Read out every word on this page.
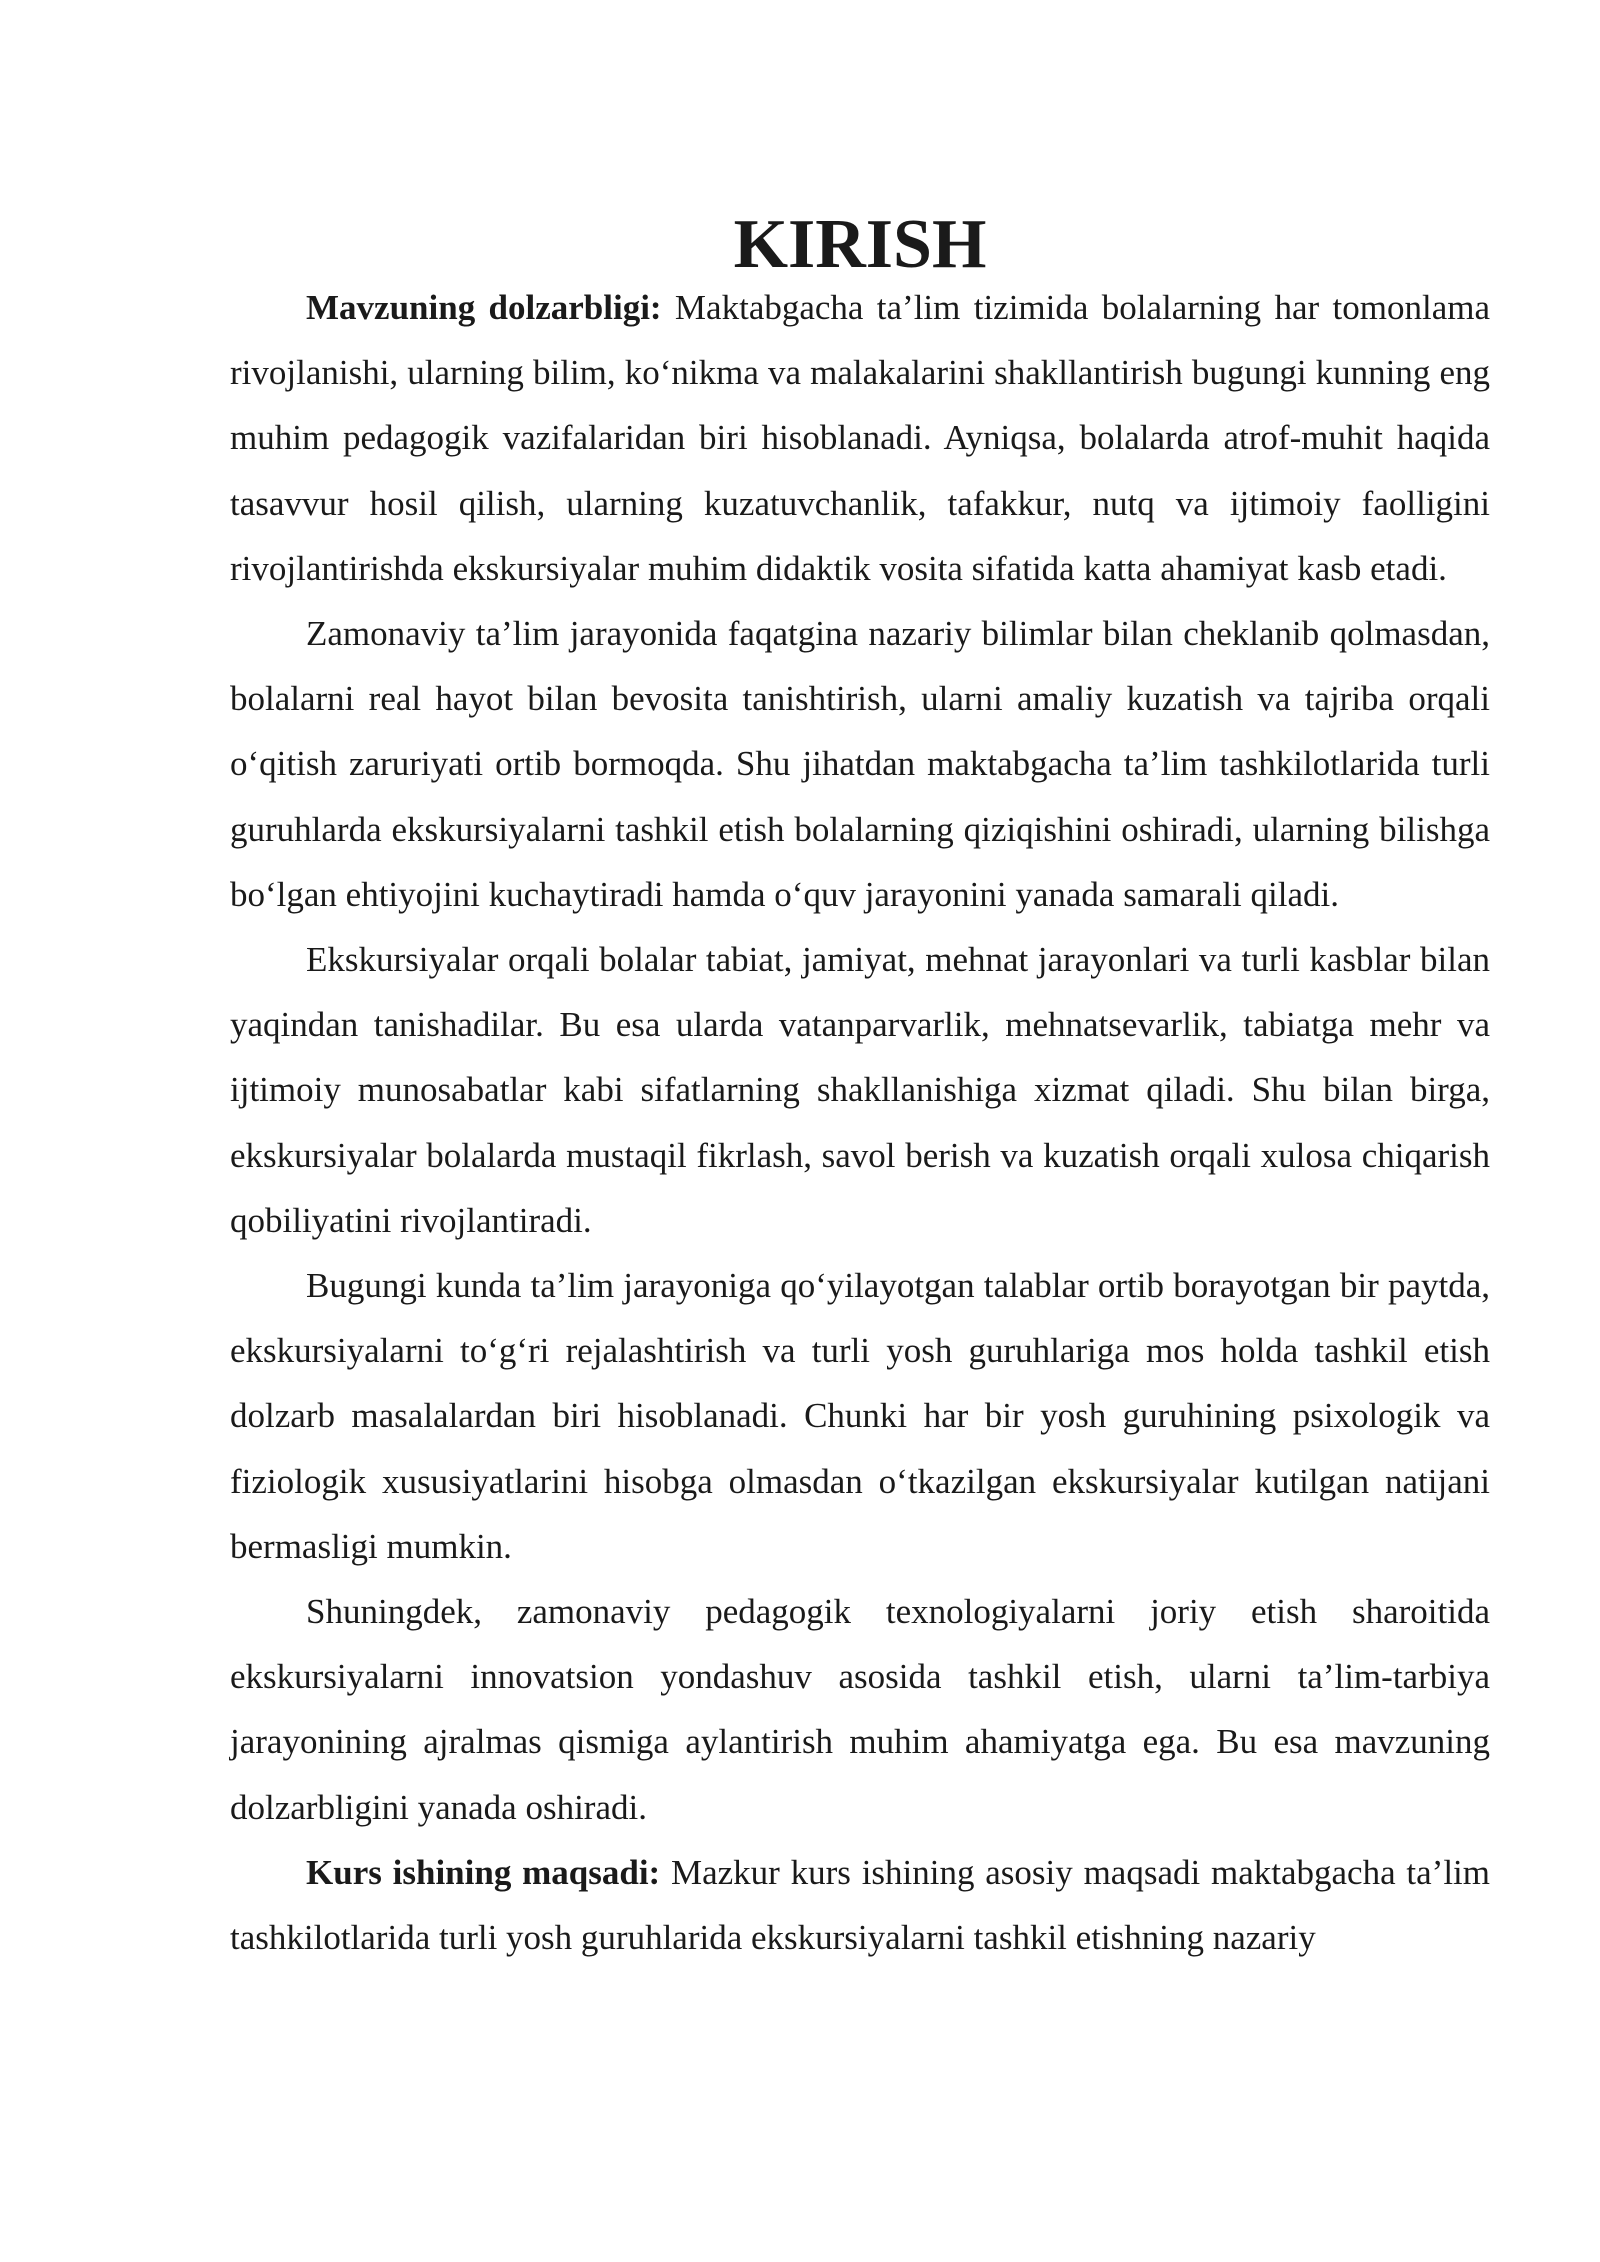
KIRISH

Mavzuning dolzarbligi: Maktabgacha ta’lim tizimida bolalarning har tomonlama rivojlanishi, ularning bilim, ko‘nikma va malakalarini shakllantirish bugungi kunning eng muhim pedagogik vazifalaridan biri hisoblanadi. Ayniqsa, bolalarda atrof-muhit haqida tasavvur hosil qilish, ularning kuzatuvchanlik, tafakkur, nutq va ijtimoiy faolligini rivojlantirishda ekskursiyalar muhim didaktik vosita sifatida katta ahamiyat kasb etadi.

Zamonaviy ta’lim jarayonida faqatgina nazariy bilimlar bilan cheklanib qolmasdan, bolalarni real hayot bilan bevosita tanishtirish, ularni amaliy kuzatish va tajriba orqali o‘qitish zaruriyati ortib bormoqda. Shu jihatdan maktabgacha ta’lim tashkilotlarida turli guruhlarda ekskursiyalarni tashkil etish bolalarning qiziqishini oshiradi, ularning bilishga bo‘lgan ehtiyojini kuchaytiradi hamda o‘quv jarayonini yanada samarali qiladi.

Ekskursiyalar orqali bolalar tabiat, jamiyat, mehnat jarayonlari va turli kasblar bilan yaqindan tanishadilar. Bu esa ularda vatanparvarlik, mehnatsevarlik, tabiatga mehr va ijtimoiy munosabatlar kabi sifatlarning shakllanishiga xizmat qiladi. Shu bilan birga, ekskursiyalar bolalarda mustaqil fikrlash, savol berish va kuzatish orqali xulosa chiqarish qobiliyatini rivojlantiradi.

Bugungi kunda ta’lim jarayoniga qo‘yilayotgan talablar ortib borayotgan bir paytda, ekskursiyalarni to‘g‘ri rejalashtirish va turli yosh guruhlariga mos holda tashkil etish dolzarb masalalardan biri hisoblanadi. Chunki har bir yosh guruhining psixologik va fiziologik xususiyatlarini hisobga olmasdan o‘tkazilgan ekskursiyalar kutilgan natijani bermasligi mumkin.

Shuningdek, zamonaviy pedagogik texnologiyalarni joriy etish sharoitida ekskursiyalarni innovatsion yondashuv asosida tashkil etish, ularni ta’lim-tarbiya jarayonining ajralmas qismiga aylantirish muhim ahamiyatga ega. Bu esa mavzuning dolzarbligini yanada oshiradi.

Kurs ishining maqsadi: Mazkur kurs ishining asosiy maqsadi maktabgacha ta’lim tashkilotlarida turli yosh guruhlarida ekskursiyalarni tashkil etishning nazariy
